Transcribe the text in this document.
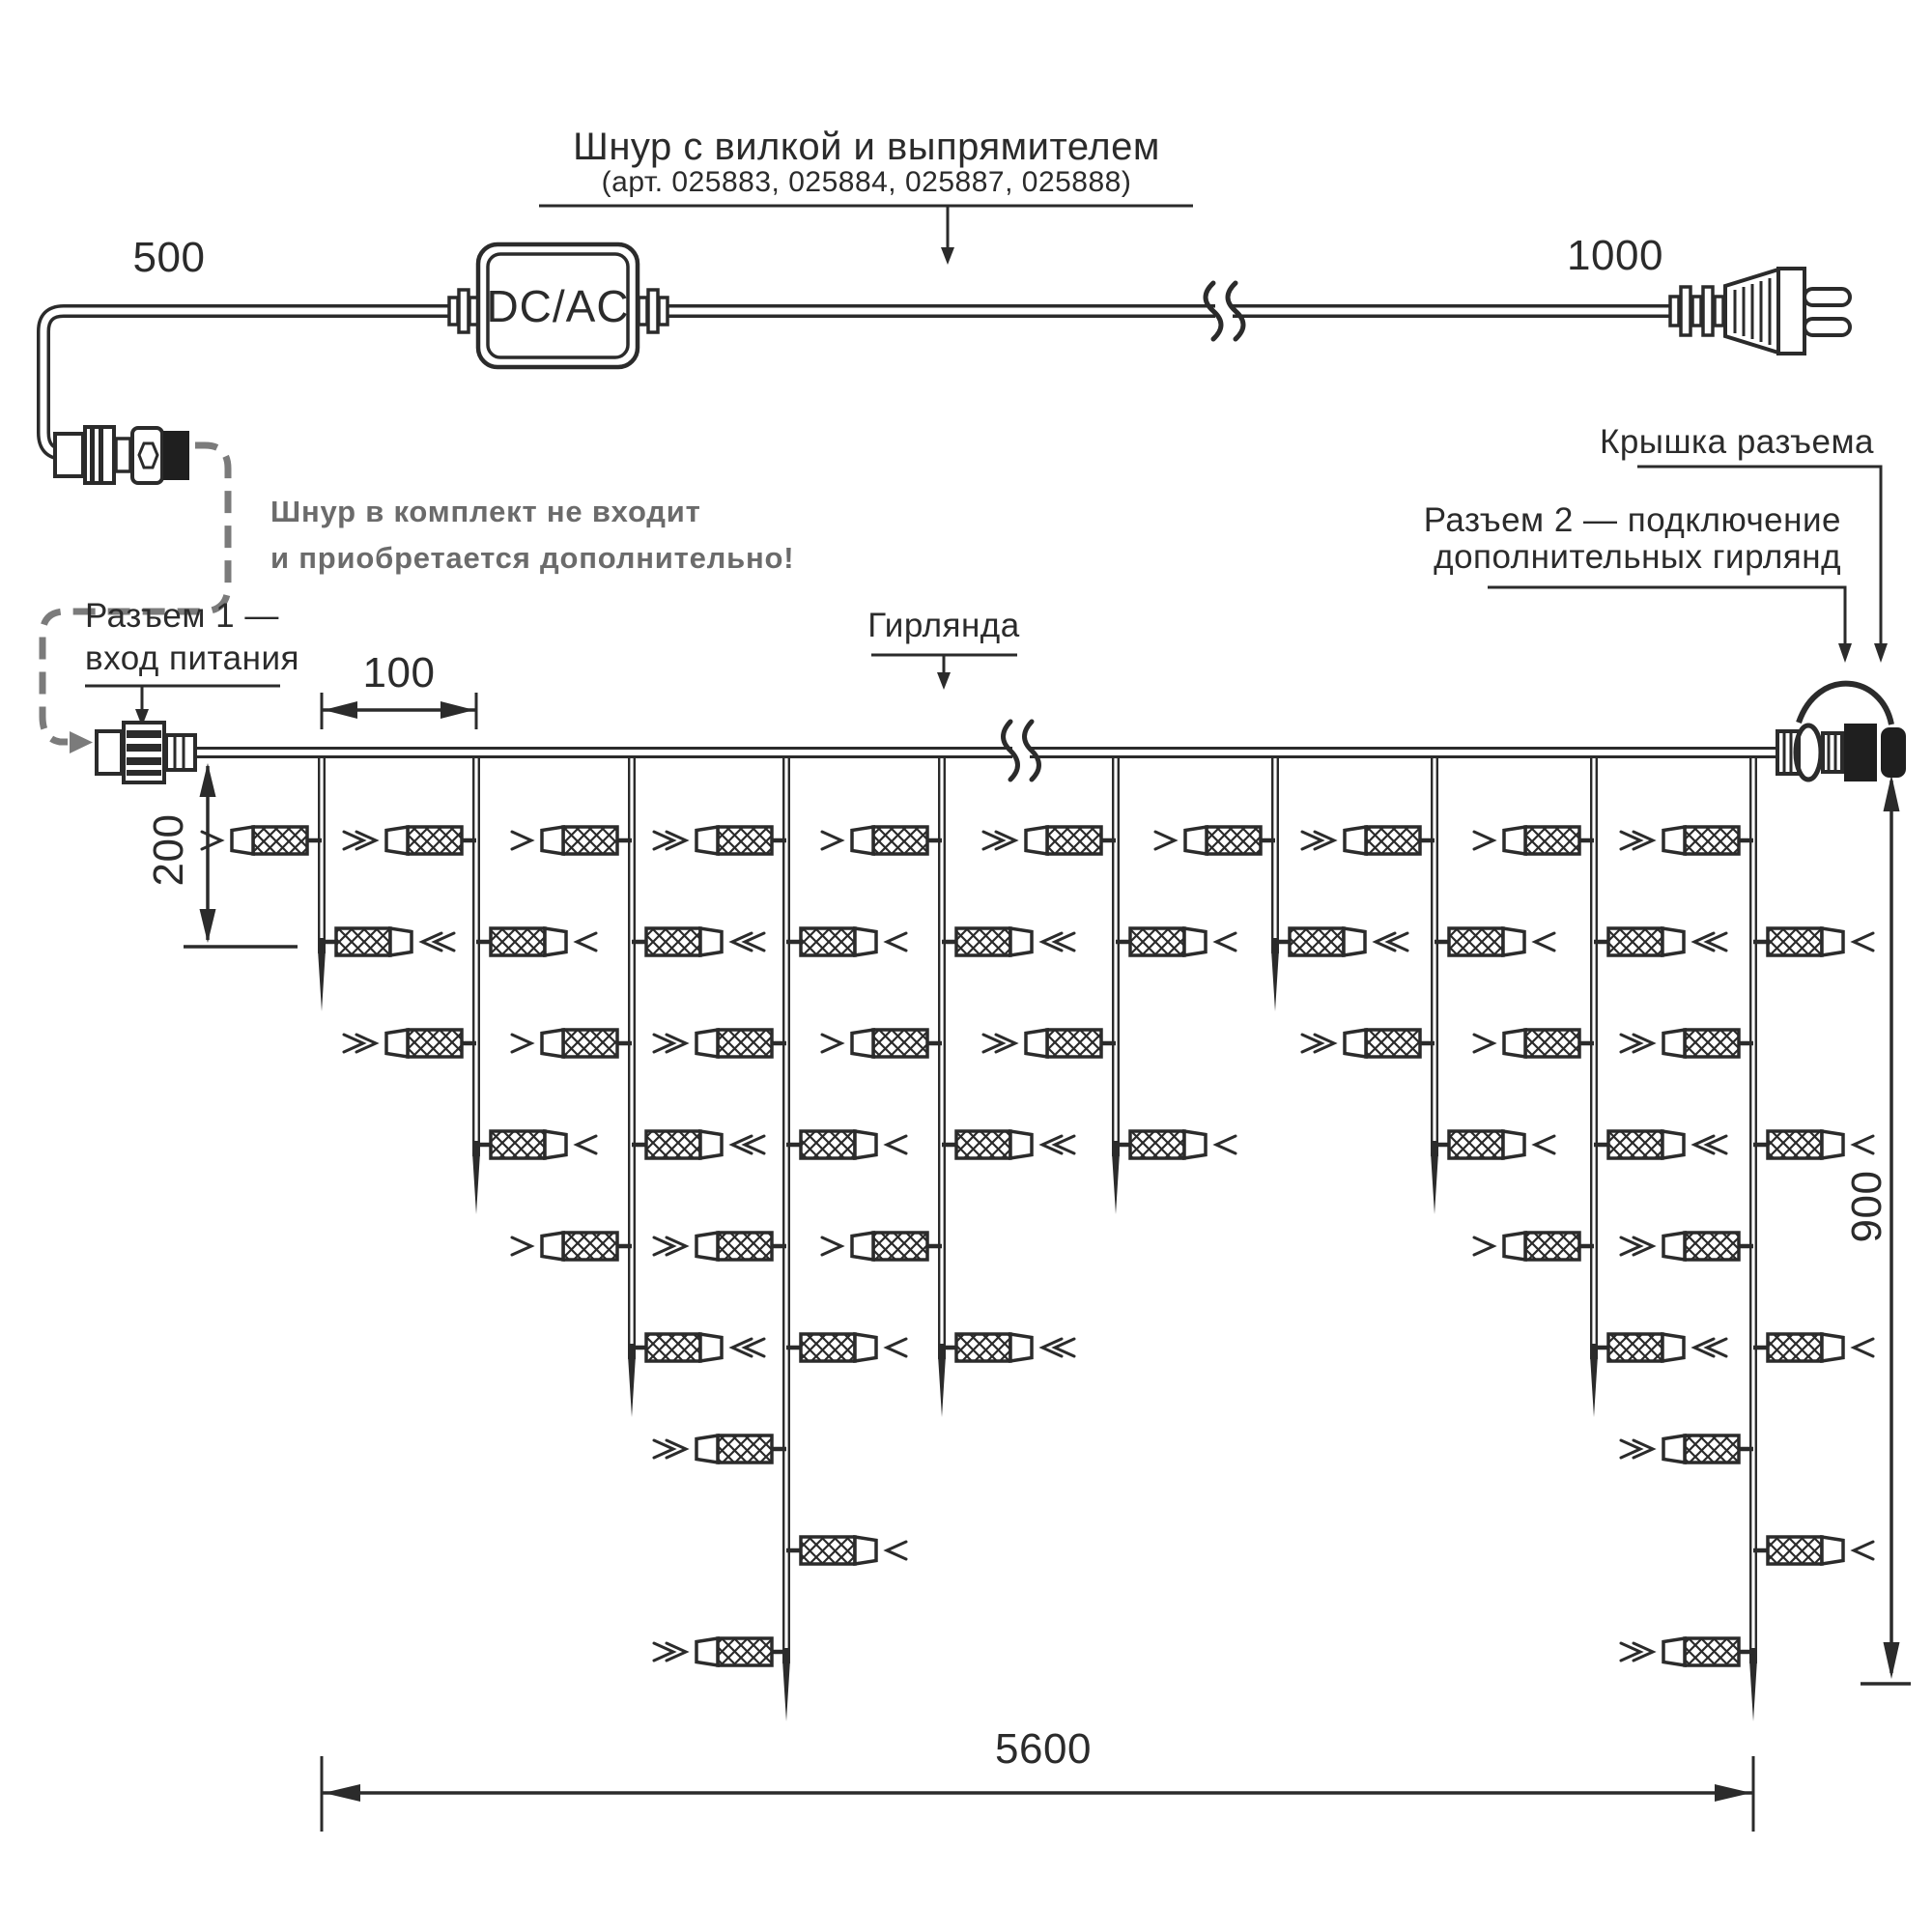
Шнур с вилкой и выпрямителем
(арт. 025883, 025884, 025887, 025888)
500	1000
DC/AC
Шнур в комплект не входит
и приобретается дополнительно!
Разъем 1 —
вход питания 100
200
Гирлянда
Крышка разъема
Разъем 2 — подключение
дополнительных гирлянд
900
5600
